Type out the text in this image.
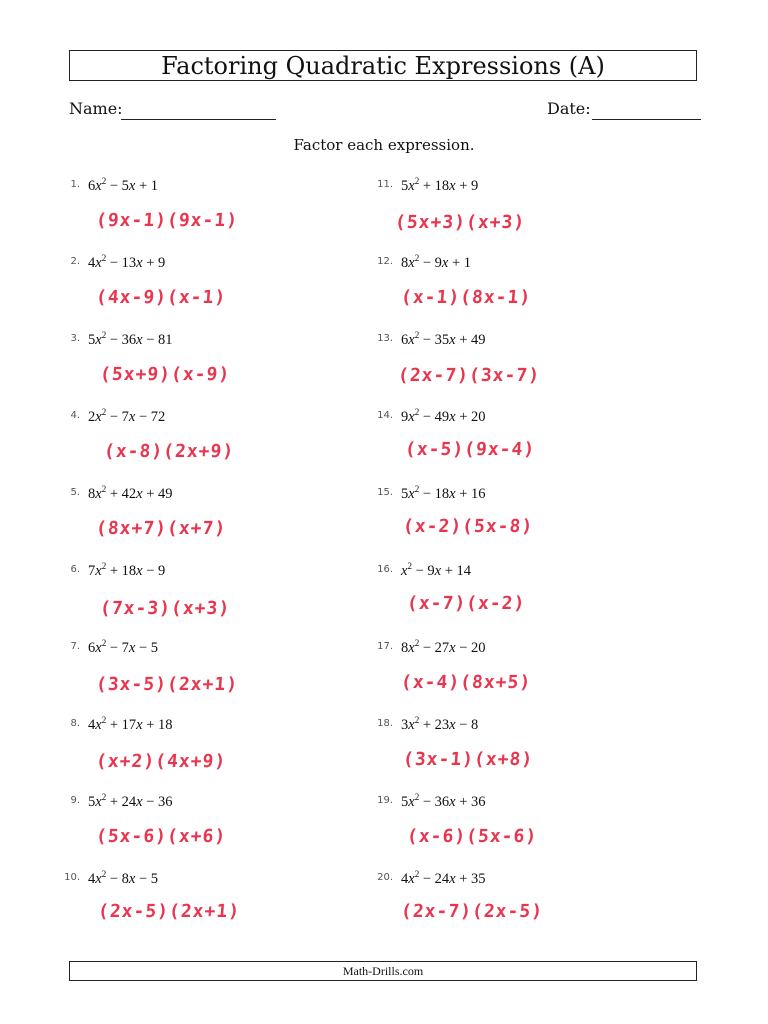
Factoring Quadratic Expressions (A)
Name:	Date:
Factor each expression.
1. $6x^2 - 5x + 1$
(9x-1)(9x-1)
2. $4x^2 - 13x + 9$
(4x-9)(x-1)
3. $5x^2 - 36x - 81$
(5x+9)(x-9)
4. $2x^2 - 7x - 72$
(x-8)(2x+9)
5. $8x^2 + 42x + 49$
(8x+7)(x+7)
6. $7x^2 + 18x - 9$
(7x-3)(x+3)
7. $6x^2 - 7x - 5$
(3x-5)(2x+1)
8. $4x^2 + 17x + 18$
(x+2)(4x+9)
9. $5x^2 + 24x - 36$
(5x-6)(x+6)
10. $4x^2 - 8x - 5$
(2x-5)(2x+1)
11. $5x^2 + 18x + 9$
(5x+3)(x+3)
12. $8x^2 - 9x + 1$
(x-1)(8x-1)
13. $6x^2 - 35x + 49$
(2x-7)(3x-7)
14. $9x^2 - 49x + 20$
(x-5)(9x-4)
15. $5x^2 - 18x + 16$
(x-2)(5x-8)
16. $x^2 - 9x + 14$
(x-7)(x-2)
17. $8x^2 - 27x - 20$
(x-4)(8x+5)
18. $3x^2 + 23x - 8$
(3x-1)(x+8)
19. $5x^2 - 36x + 36$
(x-6)(5x-6)
20. $4x^2 - 24x + 35$
(2x-7)(2x-5)
Math-Drills.com
